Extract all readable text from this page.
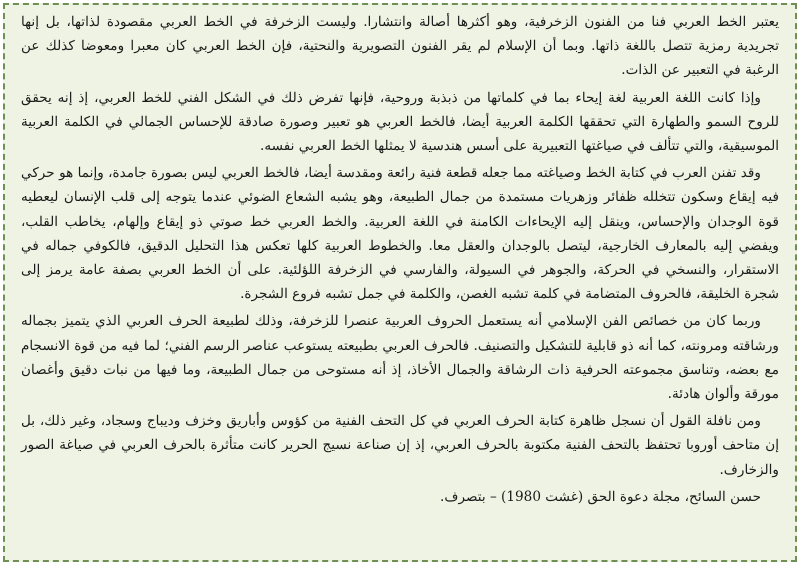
يعتبر الخط العربي فنا من الفنون الزخرفية، وهو أكثرها أصالة وانتشارا. وليست الزخرفة في الخط العربي مقصودة لذاتها، بل إنها تجريدية رمزية تتصل باللغة ذاتها. وبما أن الإسلام لم يقر الفنون التصويرية والنحتية، فإن الخط العربي كان معبرا ومعوضا كذلك عن الرغبة في التعبير عن الذات.

وإذا كانت اللغة العربية لغة إيحاء بما في كلماتها من ذبذبة وروحية، فإنها تفرض ذلك في الشكل الفني للخط العربي، إذ إنه يحقق للروح السمو والطهارة التي تحققها الكلمة العربية أيضا، فالخط العربي هو تعبير وصورة صادقة للإحساس الجمالي في الكلمة العربية الموسيقية، والتي تتألف في صياغتها التعبيرية على أسس هندسية لا يمثلها الخط العربي نفسه.

وقد تفنن العرب في كتابة الخط وصياغته مما جعله قطعة فنية رائعة ومقدسة أيضا، فالخط العربي ليس بصورة جامدة، وإنما هو حركي فيه إيقاع وسكون تتخلله ظفائر وزهريات مستمدة من جمال الطبيعة، وهو يشبه الشعاع الضوئي عندما يتوجه إلى قلب الإنسان ليعطيه قوة الوجدان والإحساس، وينقل إليه الإيحاءات الكامنة في اللغة العربية. والخط العربي خط صوتي ذو إيقاع وإلهام، يخاطب القلب، ويفضي إليه بالمعارف الخارجية، ليتصل بالوجدان والعقل معا. والخطوط العربية كلها تعكس هذا التحليل الدقيق، فالكوفي جماله في الاستقرار، والنسخي في الحركة، والجوهر في السيولة، والفارسي في الزخرفة اللؤلئية. على أن الخط العربي بصفة عامة يرمز إلى شجرة الخليقة، فالحروف المتضامة في كلمة تشبه الغصن، والكلمة في جمل تشبه فروع الشجرة.

وربما كان من خصائص الفن الإسلامي أنه يستعمل الحروف العربية عنصرا للزخرفة، وذلك لطبيعة الحرف العربي الذي يتميز بجماله ورشاقته ومرونته، كما أنه ذو قابلية للتشكيل والتصنيف. فالحرف العربي بطبيعته يستوعب عناصر الرسم الفني؛ لما فيه من قوة الانسجام مع بعضه، وتناسق مجموعته الحرفية ذات الرشاقة والجمال الأخاذ، إذ أنه مستوحى من جمال الطبيعة، وما فيها من نبات دقيق وأغصان مورقة وألوان هادئة.

ومن نافلة القول أن نسجل ظاهرة كتابة الحرف العربي في كل التحف الفنية من كؤوس وأباريق وخزف وديباج وسجاد، وغير ذلك، بل إن متاحف أوروبا تحتفظ بالتحف الفنية مكتوبة بالحرف العربي، إذ إن صناعة نسيج الحرير كانت متأثرة بالحرف العربي في صياغة الصور والزخارف.

حسن السائح، مجلة دعوة الحق (غشت 1980) – بتصرف.
